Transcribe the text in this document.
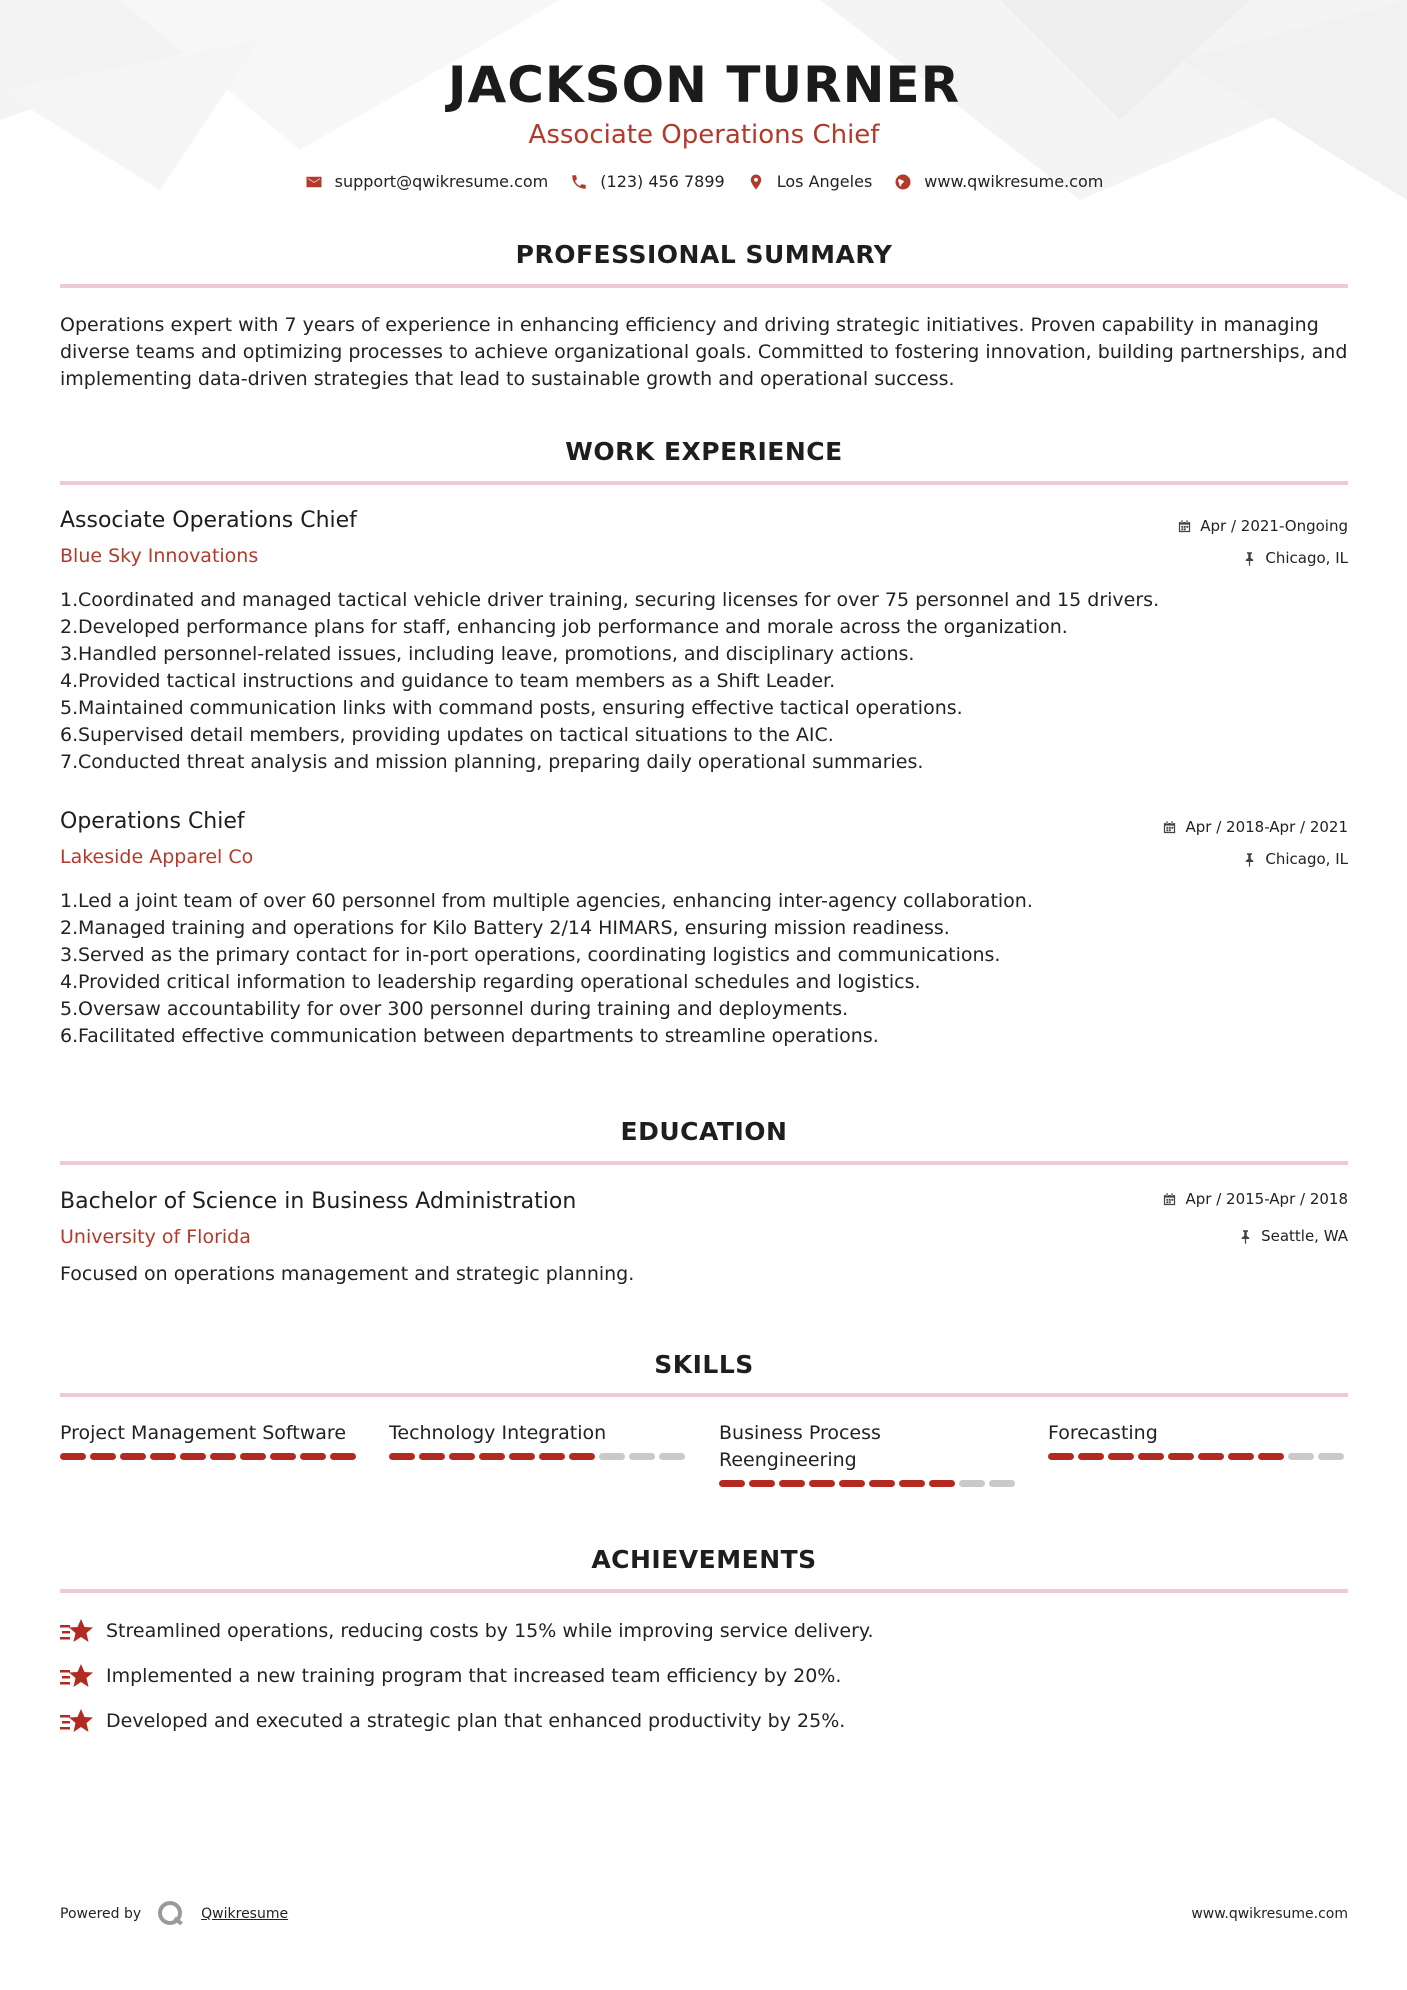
JACKSON TURNER
Associate Operations Chief
support@qwikresume.com	(123) 456 7899	Los Angeles	www.qwikresume.com
PROFESSIONAL SUMMARY
Operations expert with 7 years of experience in enhancing efficiency and driving strategic initiatives. Proven capability in managing diverse teams and optimizing processes to achieve organizational goals. Committed to fostering innovation, building partnerships, and implementing data-driven strategies that lead to sustainable growth and operational success.
WORK EXPERIENCE
Associate Operations Chief	Apr / 2021-Ongoing
Blue Sky Innovations	Chicago, IL
1.Coordinated and managed tactical vehicle driver training, securing licenses for over 75 personnel and 15 drivers.
2.Developed performance plans for staff, enhancing job performance and morale across the organization.
3.Handled personnel-related issues, including leave, promotions, and disciplinary actions.
4.Provided tactical instructions and guidance to team members as a Shift Leader.
5.Maintained communication links with command posts, ensuring effective tactical operations.
6.Supervised detail members, providing updates on tactical situations to the AIC.
7.Conducted threat analysis and mission planning, preparing daily operational summaries.
Operations Chief	Apr / 2018-Apr / 2021
Lakeside Apparel Co	Chicago, IL
1.Led a joint team of over 60 personnel from multiple agencies, enhancing inter-agency collaboration.
2.Managed training and operations for Kilo Battery 2/14 HIMARS, ensuring mission readiness.
3.Served as the primary contact for in-port operations, coordinating logistics and communications.
4.Provided critical information to leadership regarding operational schedules and logistics.
5.Oversaw accountability for over 300 personnel during training and deployments.
6.Facilitated effective communication between departments to streamline operations.
EDUCATION
Bachelor of Science in Business Administration	Apr / 2015-Apr / 2018
University of Florida	Seattle, WA
Focused on operations management and strategic planning.
SKILLS
Project Management Software	Technology Integration	Business Process Reengineering
Forecasting
ACHIEVEMENTS
Streamlined operations, reducing costs by 15% while improving service delivery.
Implemented a new training program that increased team efficiency by 20%.
Developed and executed a strategic plan that enhanced productivity by 25%.
Powered by	Qwikresume	www.qwikresume.com
